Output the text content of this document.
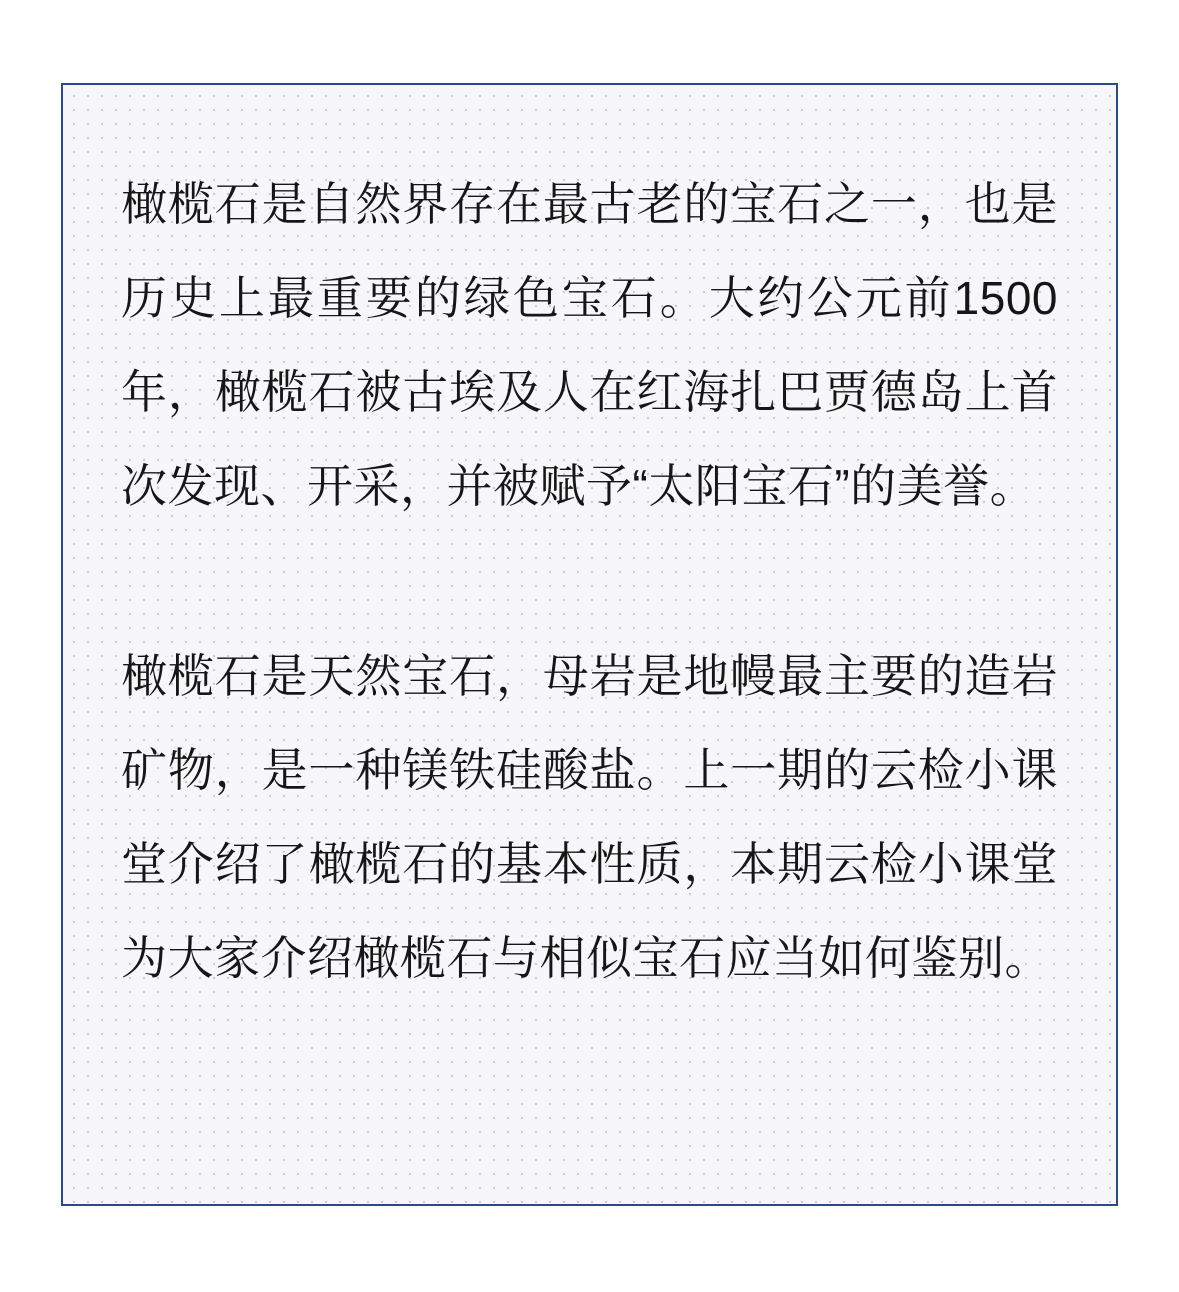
橄榄石是自然界存在最古老的宝石之一，也是历史上最重要的绿色宝石。大约公元前1500年，橄榄石被古埃及人在红海扎巴贾德岛上首次发现、开采，并被赋予“太阳宝石”的美誉。

橄榄石是天然宝石，母岩是地幔最主要的造岩矿物，是一种镁铁硅酸盐。上一期的云检小课堂介绍了橄榄石的基本性质，本期云检小课堂为大家介绍橄榄石与相似宝石应当如何鉴别。
